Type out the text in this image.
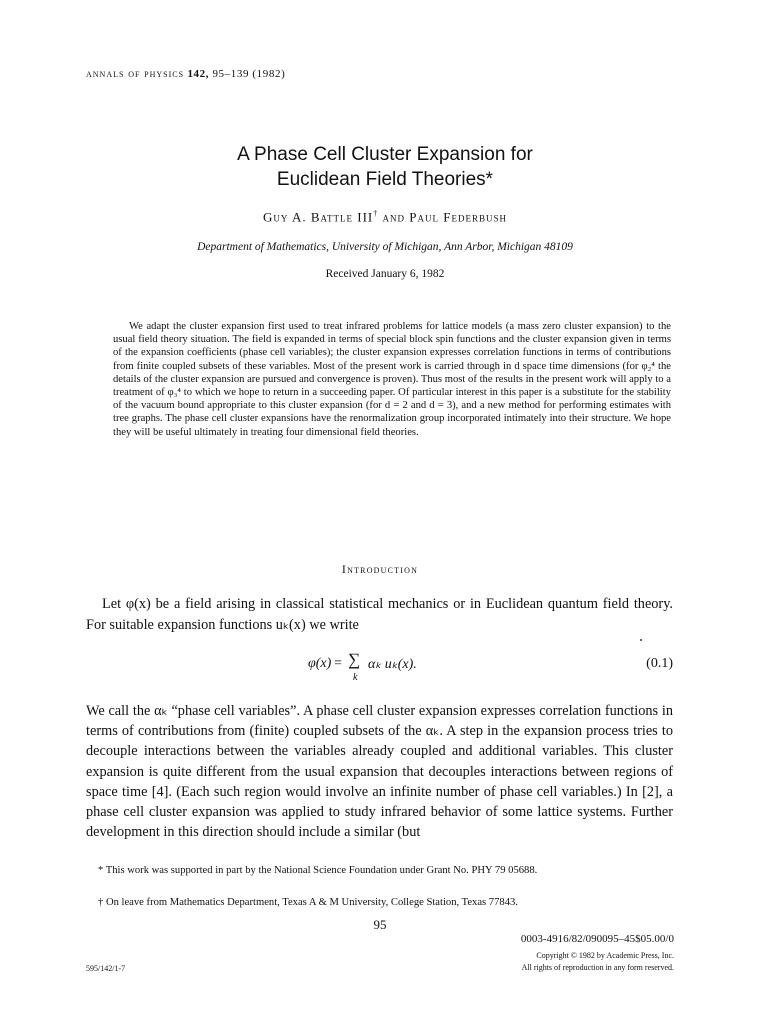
annals of physics 142, 95–139 (1982)
A Phase Cell Cluster Expansion for
Euclidean Field Theories*
Guy A. Battle III† and Paul Federbush
Department of Mathematics, University of Michigan, Ann Arbor, Michigan 48109
Received January 6, 1982
We adapt the cluster expansion first used to treat infrared problems for lattice models (a mass zero cluster expansion) to the usual field theory situation. The field is expanded in terms of special block spin functions and the cluster expansion given in terms of the expansion coefficients (phase cell variables); the cluster expansion expresses correlation functions in terms of contributions from finite coupled subsets of these variables. Most of the present work is carried through in d space time dimensions (for φ₂⁴ the details of the cluster expansion are pursued and convergence is proven). Thus most of the results in the present work will apply to a treatment of φ₃⁴ to which we hope to return in a succeeding paper. Of particular interest in this paper is a substitute for the stability of the vacuum bound appropriate to this cluster expansion (for d = 2 and d = 3), and a new method for performing estimates with tree graphs. The phase cell cluster expansions have the renormalization group incorporated intimately into their structure. We hope they will be useful ultimately in treating four dimensional field theories.
Introduction
Let φ(x) be a field arising in classical statistical mechanics or in Euclidean quantum field theory. For suitable expansion functions uₖ(x) we write
φ(x) = ∑
k
αₖ uₖ(x).	(0.1)
We call the αₖ “phase cell variables”. A phase cell cluster expansion expresses correlation functions in terms of contributions from (finite) coupled subsets of the αₖ. A step in the expansion process tries to decouple interactions between the variables already coupled and additional variables. This cluster expansion is quite different from the usual expansion that decouples interactions between regions of space time [4]. (Each such region would involve an infinite number of phase cell variables.) In [2], a phase cell cluster expansion was applied to study infrared behavior of some lattice systems. Further development in this direction should include a similar (but
* This work was supported in part by the National Science Foundation under Grant No. PHY 79 05688.
† On leave from Mathematics Department, Texas A & M University, College Station, Texas 77843.
95
0003-4916/82/090095–45$05.00/0
Copyright © 1982 by Academic Press, Inc.
All rights of reproduction in any form reserved.
595/142/1-7
